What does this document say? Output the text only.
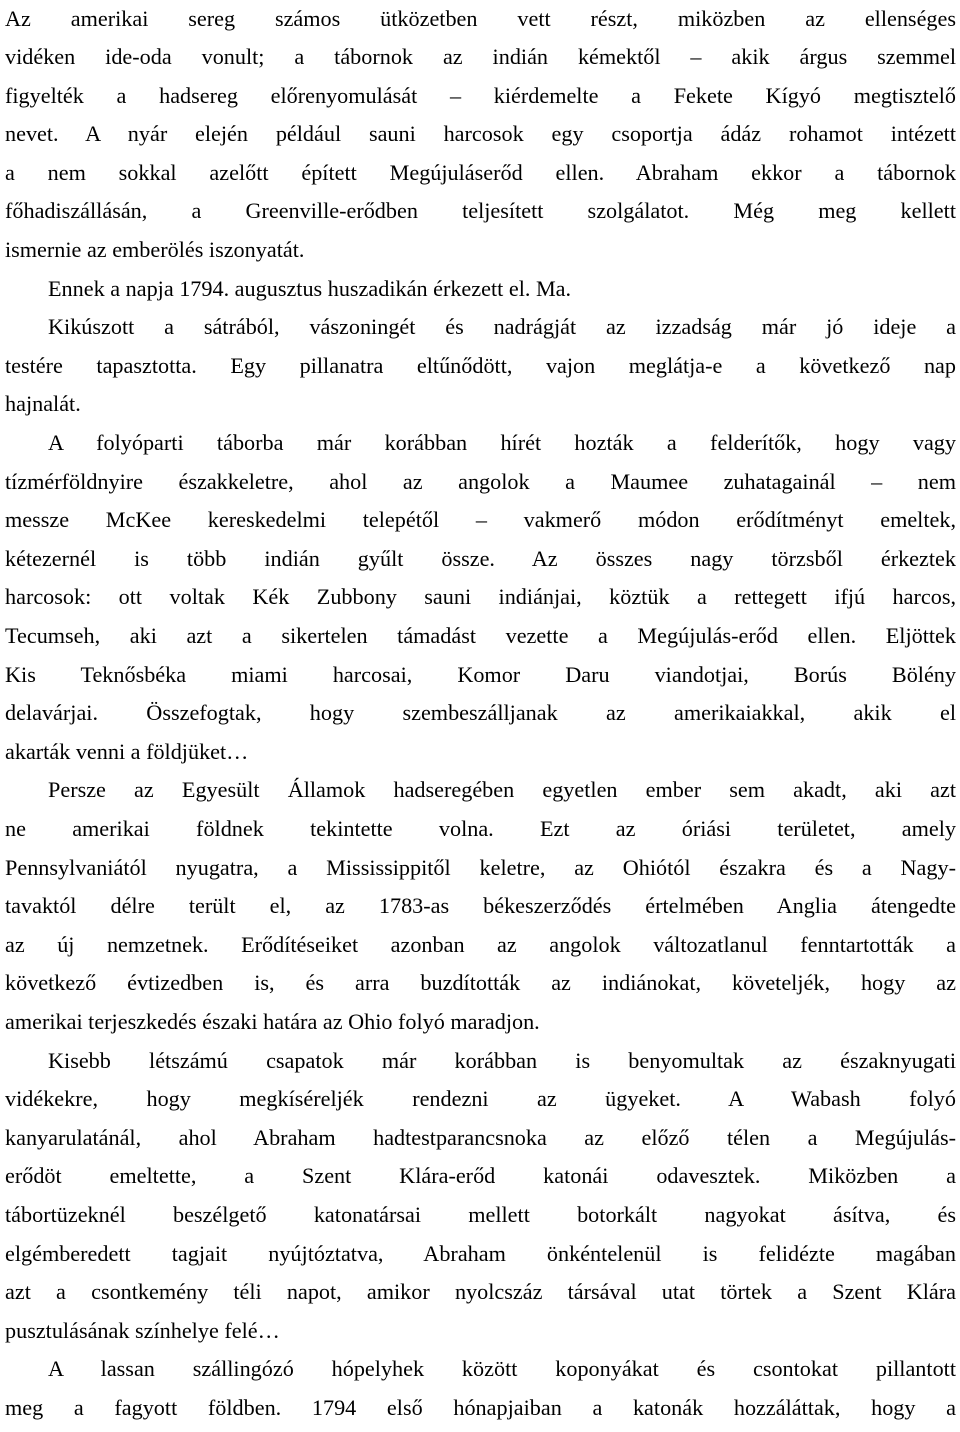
Az amerikai sereg számos ütközetben vett részt, miközben az ellenséges
vidéken ide-oda vonult; a tábornok az indián kémektől – akik árgus szemmel
figyelték a hadsereg előrenyomulását – kiérdemelte a Fekete Kígyó megtisztelő
nevet. A nyár elején például sauni harcosok egy csoportja ádáz rohamot intézett
a nem sokkal azelőtt épített Megújuláserőd ellen. Abraham ekkor a tábornok
főhadiszállásán, a Greenville-erődben teljesített szolgálatot. Még meg kellett
ismernie az emberölés iszonyatát.

Ennek a napja 1794. augusztus huszadikán érkezett el. Ma.

Kikúszott a sátrából, vászoningét és nadrágját az izzadság már jó ideje a
testére tapasztotta. Egy pillanatra eltűnődött, vajon meglátja-e a következő nap
hajnalát.

A folyóparti táborba már korábban hírét hozták a felderítők, hogy vagy
tízmérföldnyire északkeletre, ahol az angolok a Maumee zuhatagainál – nem
messze McKee kereskedelmi telepétől – vakmerő módon erődítményt emeltek,
kétezernél is több indián gyűlt össze. Az összes nagy törzsből érkeztek
harcosok: ott voltak Kék Zubbony sauni indiánjai, köztük a rettegett ifjú harcos,
Tecumseh, aki azt a sikertelen támadást vezette a Megújulás-erőd ellen. Eljöttek
Kis Teknősbéka miami harcosai, Komor Daru viandotjai, Borús Bölény
delavárjai. Összefogtak, hogy szembeszálljanak az amerikaiakkal, akik el
akarták venni a földjüket…

Persze az Egyesült Államok hadseregében egyetlen ember sem akadt, aki azt
ne amerikai földnek tekintette volna. Ezt az óriási területet, amely
Pennsylvaniától nyugatra, a Mississippitől keletre, az Ohiótól északra és a Nagy-
tavaktól délre terült el, az 1783-as békeszerződés értelmében Anglia átengedte
az új nemzetnek. Erődítéseiket azonban az angolok változatlanul fenntartották a
következő évtizedben is, és arra buzdították az indiánokat, követeljék, hogy az
amerikai terjeszkedés északi határa az Ohio folyó maradjon.

Kisebb létszámú csapatok már korábban is benyomultak az északnyugati
vidékekre, hogy megkíséreljék rendezni az ügyeket. A Wabash folyó
kanyarulatánál, ahol Abraham hadtestparancsnoka az előző télen a Megújulás-
erődöt emeltette, a Szent Klára-erőd katonái odavesztek. Miközben a
tábortüzeknél beszélgető katonatársai mellett botorkált nagyokat ásítva, és
elgémberedett tagjait nyújtóztatva, Abraham önkéntelenül is felidézte magában
azt a csontkemény téli napot, amikor nyolcszáz társával utat törtek a Szent Klára
pusztulásának színhelye felé…

A lassan szállingózó hópelyhek között koponyákat és csontokat pillantott
meg a fagyott földben. 1794 első hónapjaiban a katonák hozzáláttak, hogy a
